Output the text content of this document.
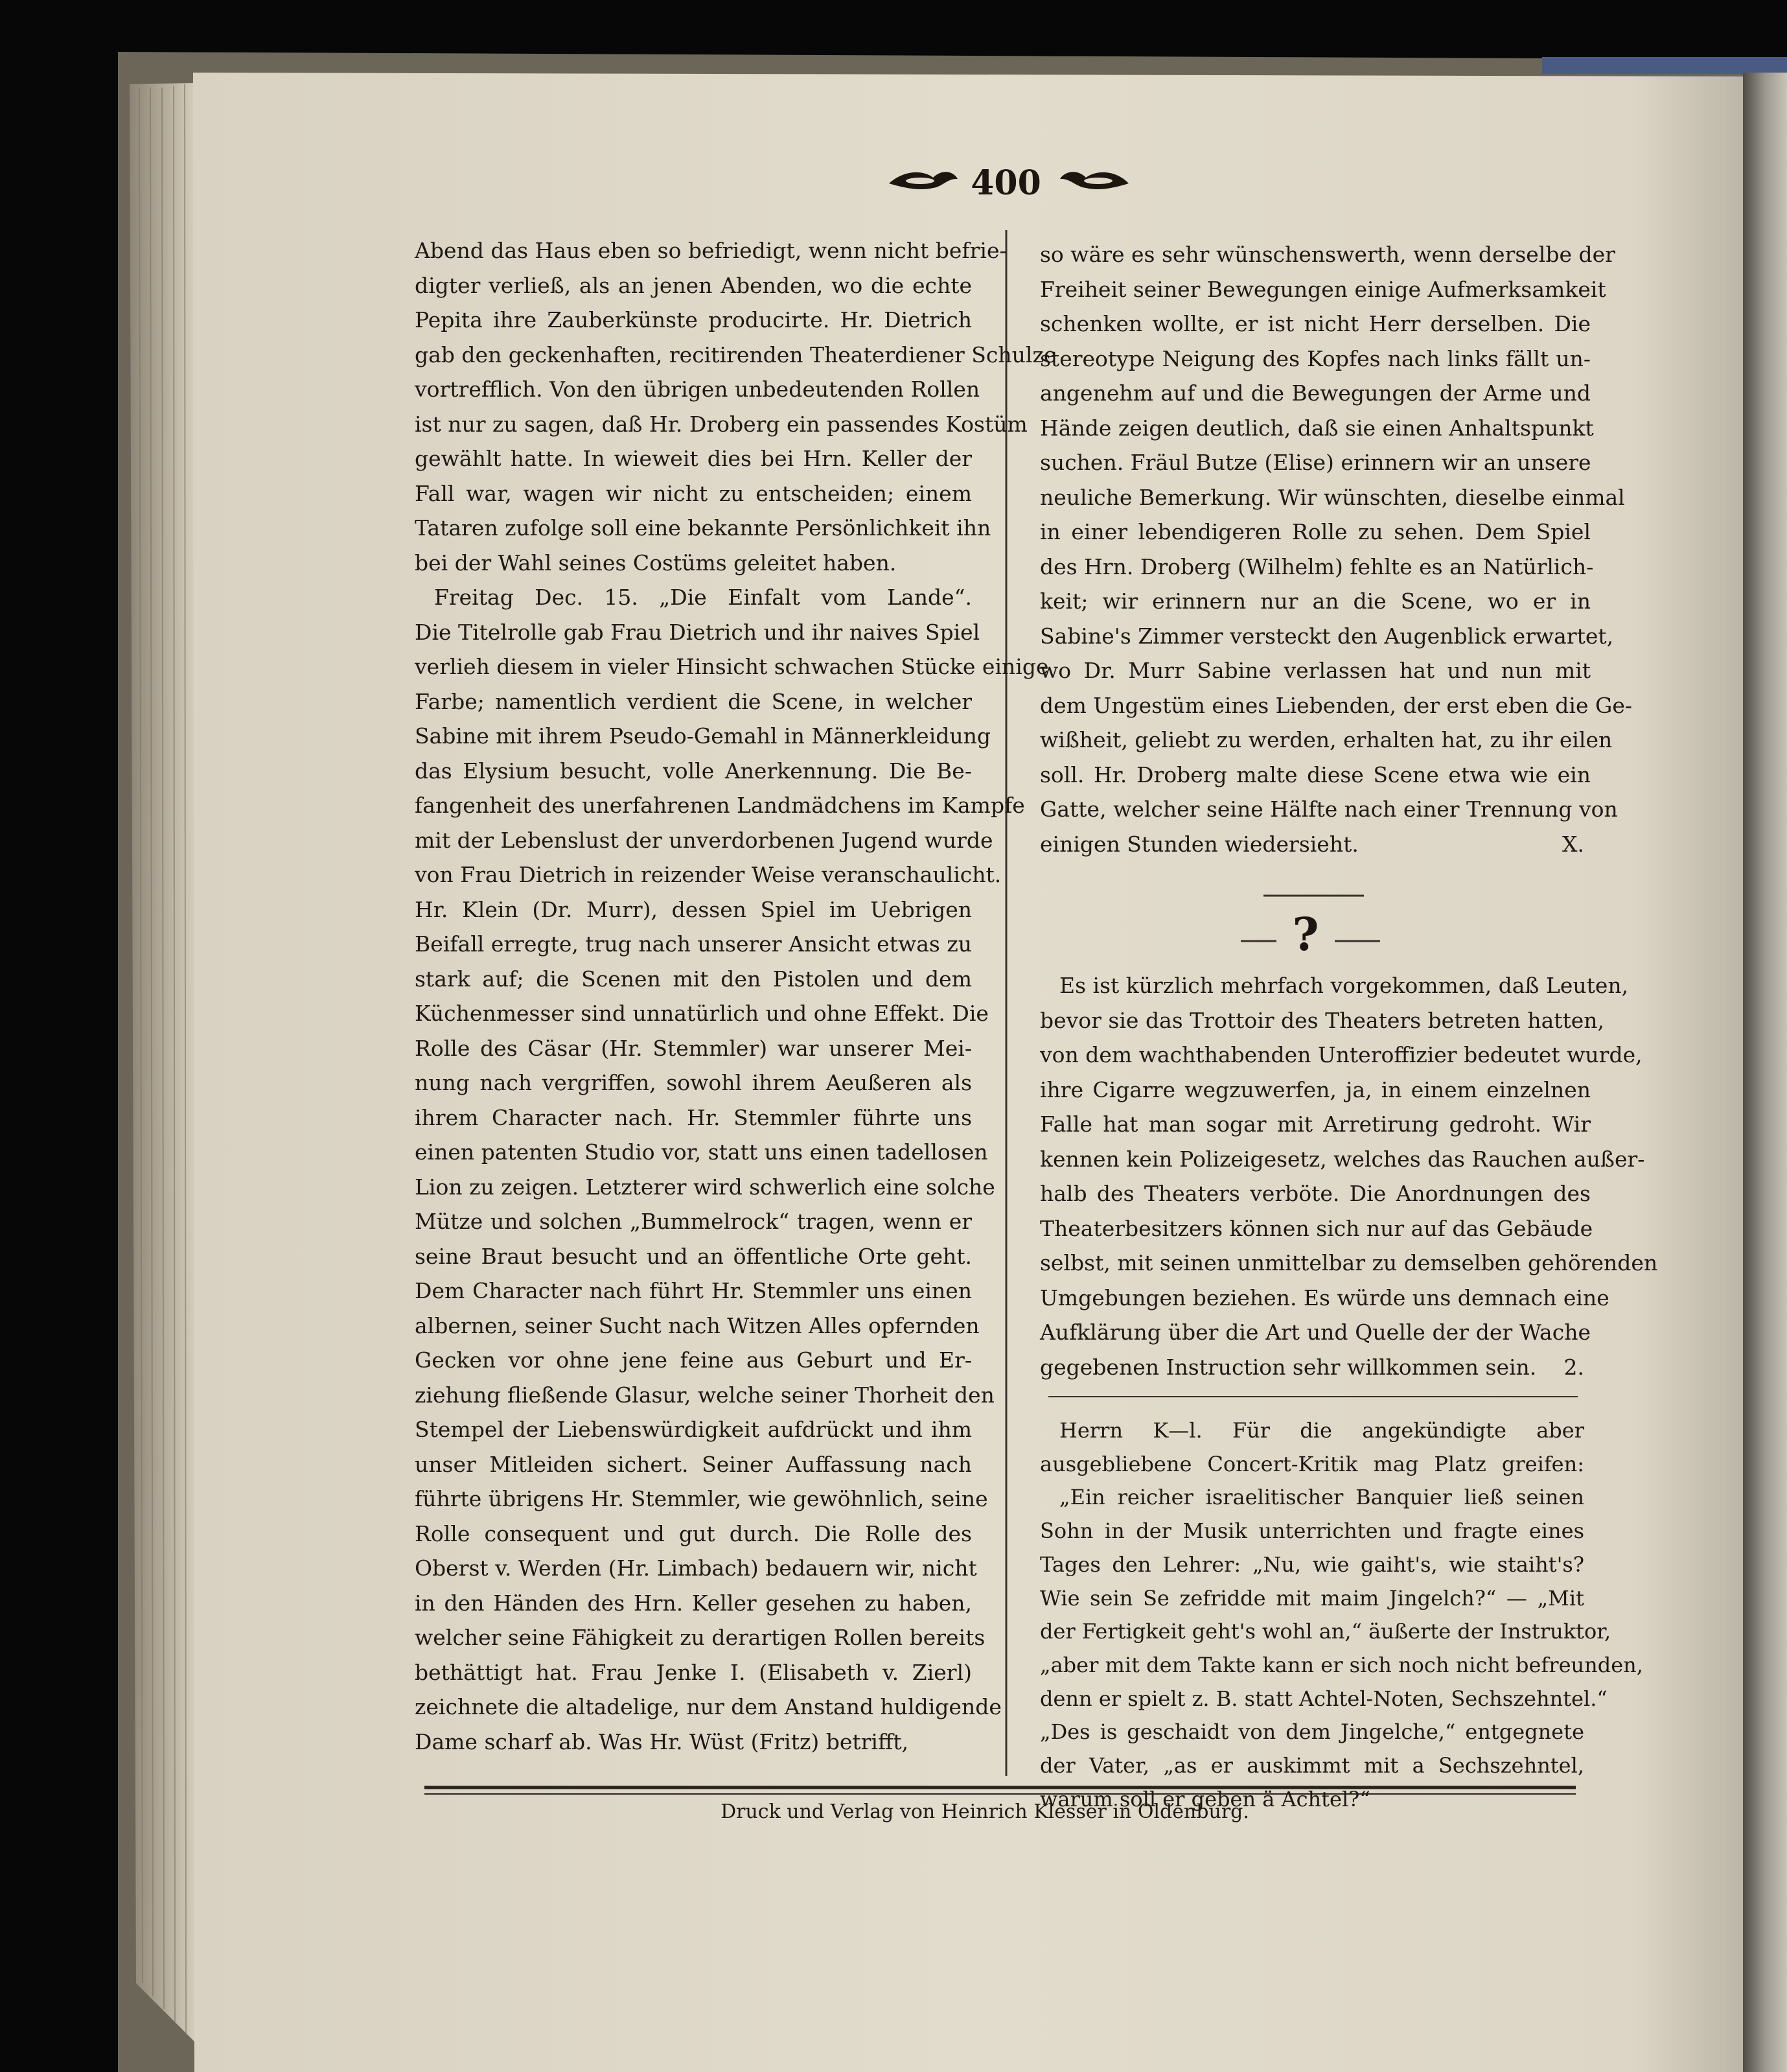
400

Abend das Haus eben so befriedigt, wenn nicht befrie-

digter verließ, als an jenen Abenden, wo die echte

Pepita ihre Zauberkünste producirte. Hr. Dietrich

gab den geckenhaften, recitirenden Theaterdiener Schulze

vortrefflich. Von den übrigen unbedeutenden Rollen

ist nur zu sagen, daß Hr. Droberg ein passendes Kostüm

gewählt hatte. In wieweit dies bei Hrn. Keller der

Fall war, wagen wir nicht zu entscheiden; einem

Tataren zufolge soll eine bekannte Persönlichkeit ihn

bei der Wahl seines Costüms geleitet haben.

Freitag Dec. 15. „Die Einfalt vom Lande“.

Die Titelrolle gab Frau Dietrich und ihr naives Spiel

verlieh diesem in vieler Hinsicht schwachen Stücke einige

Farbe; namentlich verdient die Scene, in welcher

Sabine mit ihrem Pseudo-Gemahl in Männerkleidung

das Elysium besucht, volle Anerkennung. Die Be-

fangenheit des unerfahrenen Landmädchens im Kampfe

mit der Lebenslust der unverdorbenen Jugend wurde

von Frau Dietrich in reizender Weise veranschaulicht.

Hr. Klein (Dr. Murr), dessen Spiel im Uebrigen

Beifall erregte, trug nach unserer Ansicht etwas zu

stark auf; die Scenen mit den Pistolen und dem

Küchenmesser sind unnatürlich und ohne Effekt. Die

Rolle des Cäsar (Hr. Stemmler) war unserer Mei-

nung nach vergriffen, sowohl ihrem Aeußeren als

ihrem Character nach. Hr. Stemmler führte uns

einen patenten Studio vor, statt uns einen tadellosen

Lion zu zeigen. Letzterer wird schwerlich eine solche

Mütze und solchen „Bummelrock“ tragen, wenn er

seine Braut besucht und an öffentliche Orte geht.

Dem Character nach führt Hr. Stemmler uns einen

albernen, seiner Sucht nach Witzen Alles opfernden

Gecken vor ohne jene feine aus Geburt und Er-

ziehung fließende Glasur, welche seiner Thorheit den

Stempel der Liebenswürdigkeit aufdrückt und ihm

unser Mitleiden sichert. Seiner Auffassung nach

führte übrigens Hr. Stemmler, wie gewöhnlich, seine

Rolle consequent und gut durch. Die Rolle des

Oberst v. Werden (Hr. Limbach) bedauern wir, nicht

in den Händen des Hrn. Keller gesehen zu haben,

welcher seine Fähigkeit zu derartigen Rollen bereits

bethättigt hat. Frau Jenke I. (Elisabeth v. Zierl)

zeichnete die altadelige, nur dem Anstand huldigende

Dame scharf ab. Was Hr. Wüst (Fritz) betrifft,

so wäre es sehr wünschenswerth, wenn derselbe der

Freiheit seiner Bewegungen einige Aufmerksamkeit

schenken wollte, er ist nicht Herr derselben. Die

stereotype Neigung des Kopfes nach links fällt un-

angenehm auf und die Bewegungen der Arme und

Hände zeigen deutlich, daß sie einen Anhaltspunkt

suchen. Fräul Butze (Elise) erinnern wir an unsere

neuliche Bemerkung. Wir wünschten, dieselbe einmal

in einer lebendigeren Rolle zu sehen. Dem Spiel

des Hrn. Droberg (Wilhelm) fehlte es an Natürlich-

keit; wir erinnern nur an die Scene, wo er in

Sabine's Zimmer versteckt den Augenblick erwartet,

wo Dr. Murr Sabine verlassen hat und nun mit

dem Ungestüm eines Liebenden, der erst eben die Ge-

wißheit, geliebt zu werden, erhalten hat, zu ihr eilen

soll. Hr. Droberg malte diese Scene etwa wie ein

Gatte, welcher seine Hälfte nach einer Trennung von

einigen Stunden wiedersieht.	X.

?

Es ist kürzlich mehrfach vorgekommen, daß Leuten,

bevor sie das Trottoir des Theaters betreten hatten,

von dem wachthabenden Unteroffizier bedeutet wurde,

ihre Cigarre wegzuwerfen, ja, in einem einzelnen

Falle hat man sogar mit Arretirung gedroht. Wir

kennen kein Polizeigesetz, welches das Rauchen außer-

halb des Theaters verböte. Die Anordnungen des

Theaterbesitzers können sich nur auf das Gebäude

selbst, mit seinen unmittelbar zu demselben gehörenden

Umgebungen beziehen. Es würde uns demnach eine

Aufklärung über die Art und Quelle der der Wache

gegebenen Instruction sehr willkommen sein. 2.

Herrn K—l. Für die angekündigte aber

ausgebliebene Concert-Kritik mag Platz greifen:

„Ein reicher israelitischer Banquier ließ seinen

Sohn in der Musik unterrichten und fragte eines

Tages den Lehrer: „Nu, wie gaiht's, wie staiht's?

Wie sein Se zefridde mit maim Jingelch?“ — „Mit

der Fertigkeit geht's wohl an,“ äußerte der Instruktor,

„aber mit dem Takte kann er sich noch nicht befreunden,

denn er spielt z. B. statt Achtel-Noten, Sechszehntel.“

„Des is geschaidt von dem Jingelche,“ entgegnete

der Vater, „as er auskimmt mit a Sechszehntel,

warum soll er geben ä Achtel?“

Druck und Verlag von Heinrich Klesser in Oldenburg.
